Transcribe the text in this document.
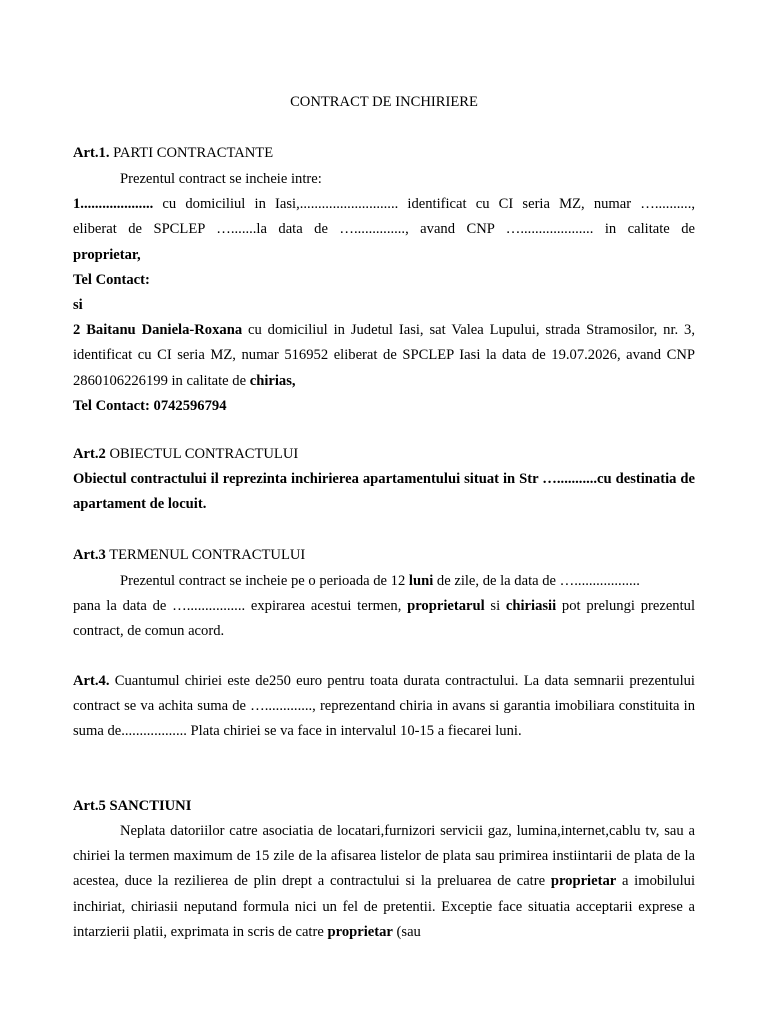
CONTRACT DE INCHIRIERE

Art.1. PARTI CONTRACTANTE

Prezentul contract se incheie intre:

1.................... cu domiciliul in Iasi,........................... identificat cu CI seria MZ, numar …..........,

eliberat de SPCLEP ….......la data de ….............., avand CNP ….................... in calitate de

proprietar,

Tel Contact:

si

2 Baitanu Daniela-Roxana cu domiciliul in Judetul Iasi, sat Valea Lupului, strada Stramosilor, nr. 3, identificat cu CI seria MZ, numar 516952 eliberat de SPCLEP Iasi la data de 19.07.2026, avand CNP 2860106226199 in calitate de chirias,

Tel Contact: 0742596794

Art.2 OBIECTUL CONTRACTULUI

Obiectul contractului il reprezinta inchirierea apartamentului situat in Str …...........cu destinatia de apartament de locuit.

Art.3 TERMENUL CONTRACTULUI

Prezentul contract se incheie pe o perioada de 12 luni de zile, de la data de …..................

pana la data de …................ expirarea acestui termen, proprietarul si chiriasii pot prelungi prezentul contract, de comun acord.

Art.4. Cuantumul chiriei este de250 euro pentru toata durata contractului. La data semnarii prezentului contract se va achita suma de …............., reprezentand chiria in avans si garantia imobiliara constituita in suma de.................. Plata chiriei se va face in intervalul 10-15 a fiecarei luni.

Art.5 SANCTIUNI

Neplata datoriilor catre asociatia de locatari,furnizori servicii gaz, lumina,internet,cablu tv, sau a chiriei la termen maximum de 15 zile de la afisarea listelor de plata sau primirea instiintarii de plata de la acestea, duce la rezilierea de plin drept a contractului si la preluarea de catre proprietar a imobilului inchiriat, chiriasii neputand formula nici un fel de pretentii. Exceptie face situatia acceptarii exprese a intarzierii platii, exprimata in scris de catre proprietar (sau
